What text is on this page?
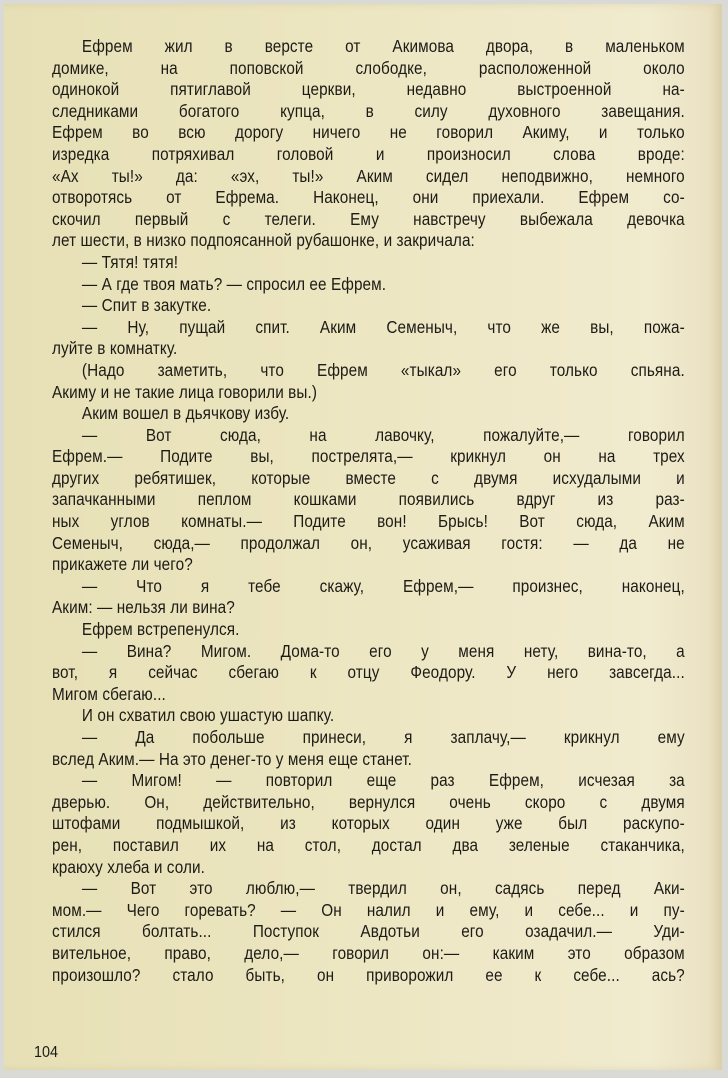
Ефрем жил в версте от Акимова двора, в маленьком
домике, на поповской слободке, расположенной около
одинокой пятиглавой церкви, недавно выстроенной на-
следниками богатого купца, в силу духовного завещания.
Ефрем во всю дорогу ничего не говорил Акиму, и только
изредка потряхивал головой и произносил слова вроде:
«Ах ты!» да: «эх, ты!» Аким сидел неподвижно, немного
отворотясь от Ефрема. Наконец, они приехали. Ефрем со-
скочил первый с телеги. Ему навстречу выбежала девочка
лет шести, в низко подпоясанной рубашонке, и закричала:
— Тятя! тятя!
— А где твоя мать? — спросил ее Ефрем.
— Спит в закутке.
— Ну, пущай спит. Аким Семеныч, что же вы, пожа-
луйте в комнатку.
(Надо заметить, что Ефрем «тыкал» его только спьяна.
Акиму и не такие лица говорили вы.)
Аким вошел в дьячкову избу.
— Вот сюда, на лавочку, пожалуйте,— говорил
Ефрем.— Подите вы, пострелята,— крикнул он на трех
других ребятишек, которые вместе с двумя исхудалыми и
запачканными пеплом кошками появились вдруг из раз-
ных углов комнаты.— Подите вон! Брысь! Вот сюда, Аким
Семеныч, сюда,— продолжал он, усаживая гостя: — да не
прикажете ли чего?
— Что я тебе скажу, Ефрем,— произнес, наконец,
Аким: — нельзя ли вина?
Ефрем встрепенулся.
— Вина? Мигом. Дома-то его у меня нету, вина-то, а
вот, я сейчас сбегаю к отцу Феодору. У него завсегда...
Мигом сбегаю...
И он схватил свою ушастую шапку.
— Да побольше принеси, я заплачу,— крикнул ему
вслед Аким.— На это денег-то у меня еще станет.
— Мигом! — повторил еще раз Ефрем, исчезая за
дверью. Он, действительно, вернулся очень скоро с двумя
штофами подмышкой, из которых один уже был раскупо-
рен, поставил их на стол, достал два зеленые стаканчика,
краюху хлеба и соли.
— Вот это люблю,— твердил он, садясь перед Аки-
мом.— Чего горевать? — Он налил и ему, и себе... и пу-
стился болтать... Поступок Авдотьи его озадачил.— Уди-
вительное, право, дело,— говорил он:— каким это образом
произошло? стало быть, он приворожил ее к себе... ась?
104
